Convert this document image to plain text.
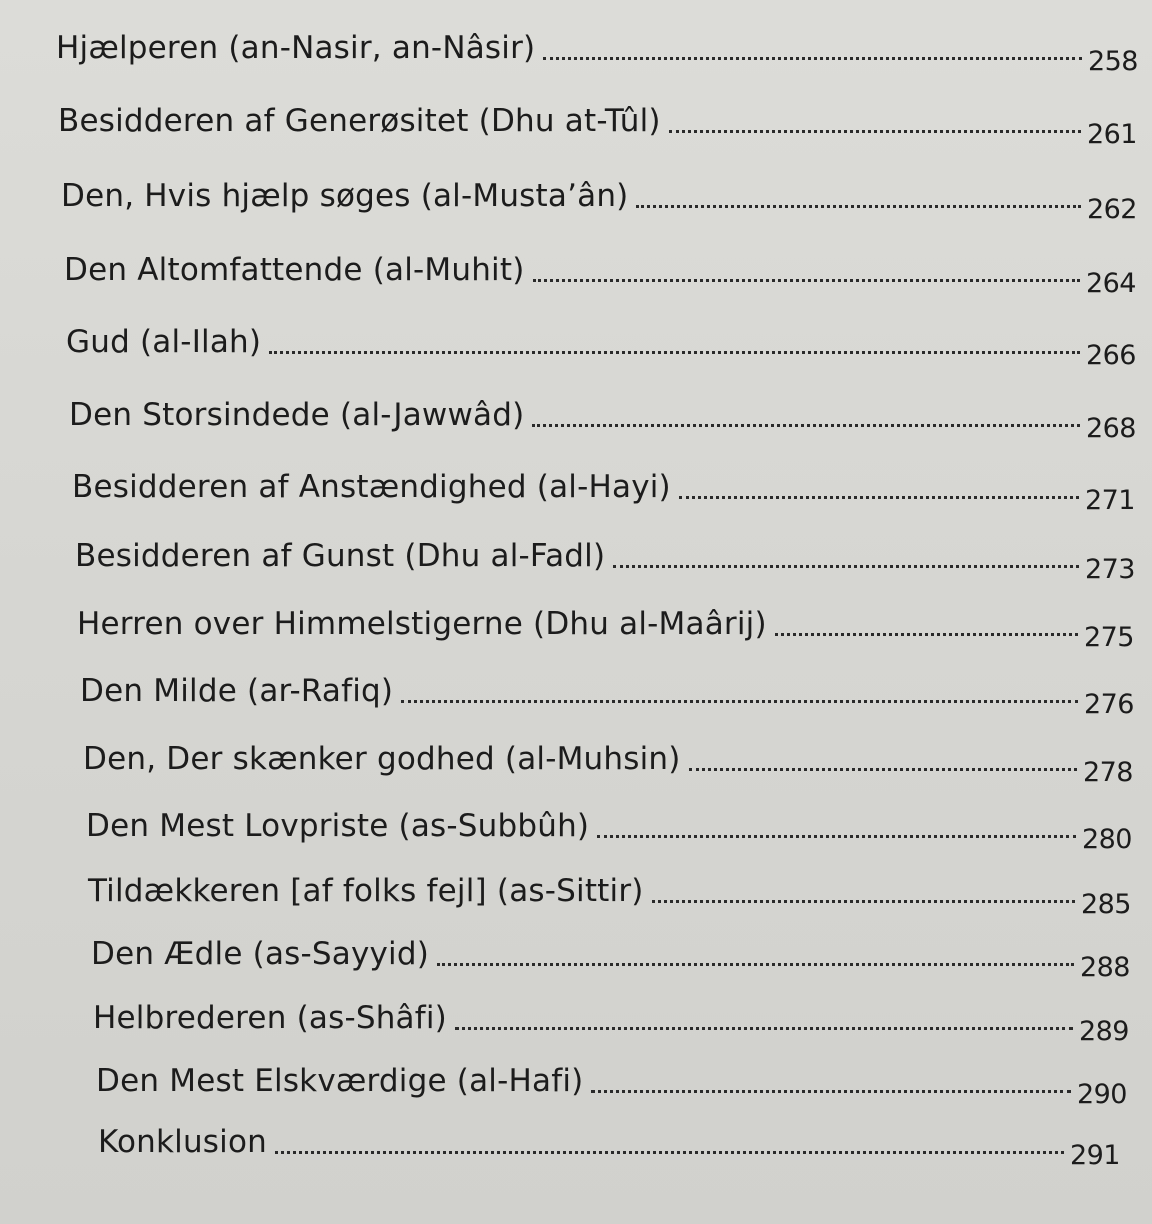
Hjælperen (an-Nasir, an-Nâsir)	258
Besidderen af Generøsitet (Dhu at-Tûl)	261
Den, Hvis hjælp søges (al-Musta’ân)	262
Den Altomfattende (al-Muhit)	264
Gud (al-Ilah)	266
Den Storsindede (al-Jawwâd)	268
Besidderen af Anstændighed (al-Hayi)	271
Besidderen af Gunst (Dhu al-Fadl)	273
Herren over Himmelstigerne (Dhu al-Maârij)	275
Den Milde (ar-Rafiq)	276
Den, Der skænker godhed (al-Muhsin)	278
Den Mest Lovpriste (as-Subbûh)	280
Tildækkeren [af folks fejl] (as-Sittir)	285
Den Ædle (as-Sayyid)	288
Helbrederen (as-Shâfi)	289
Den Mest Elskværdige (al-Hafi)	290
Konklusion	291
